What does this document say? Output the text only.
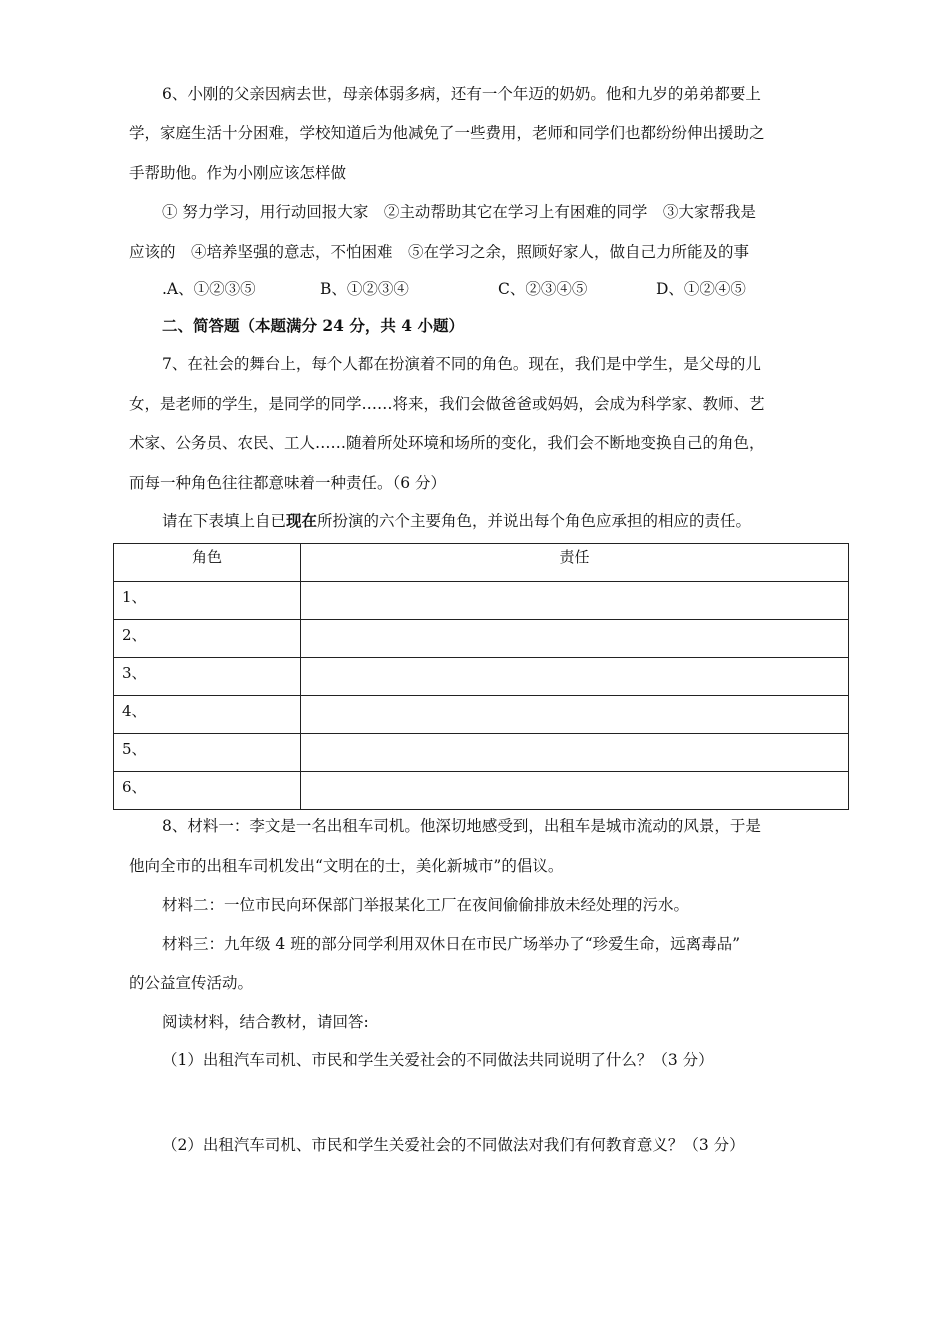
6、小刚的父亲因病去世，母亲体弱多病，还有一个年迈的奶奶。他和九岁的弟弟都要上
学，家庭生活十分困难，学校知道后为他减免了一些费用，老师和同学们也都纷纷伸出援助之
手帮助他。作为小刚应该怎样做
① 努力学习，用行动回报大家　②主动帮助其它在学习上有困难的同学　③大家帮我是
应该的　④培养坚强的意志，不怕困难　⑤在学习之余，照顾好家人，做自己力所能及的事
.A、①②③⑤	B、①②③④	C、②③④⑤	D、①②④⑤
二、简答题（本题满分 24 分，共 4 小题）
7、在社会的舞台上，每个人都在扮演着不同的角色。现在，我们是中学生，是父母的儿
女，是老师的学生，是同学的同学……将来，我们会做爸爸或妈妈，会成为科学家、教师、艺
术家、公务员、农民、工人……随着所处环境和场所的变化，我们会不断地变换自己的角色，
而每一种角色往往都意味着一种责任。（6 分）
请在下表填上自已现在所扮演的六个主要角色，并说出每个角色应承担的相应的责任。
角色	责任
1、	
2、	
3、	
4、	
5、	
6、	
8、材料一：李文是一名出租车司机。他深切地感受到，出租车是城市流动的风景，于是
他向全市的出租车司机发出“文明在的士，美化新城市”的倡议。
材料二：一位市民向环保部门举报某化工厂在夜间偷偷排放未经处理的污水。
材料三：九年级 4 班的部分同学利用双休日在市民广场举办了“珍爱生命，远离毒品”
的公益宣传活动。
阅读材料，结合教材，请回答:
（1）出租汽车司机、市民和学生关爱社会的不同做法共同说明了什么？（3 分）
（2）出租汽车司机、市民和学生关爱社会的不同做法对我们有何教育意义？（3 分）
